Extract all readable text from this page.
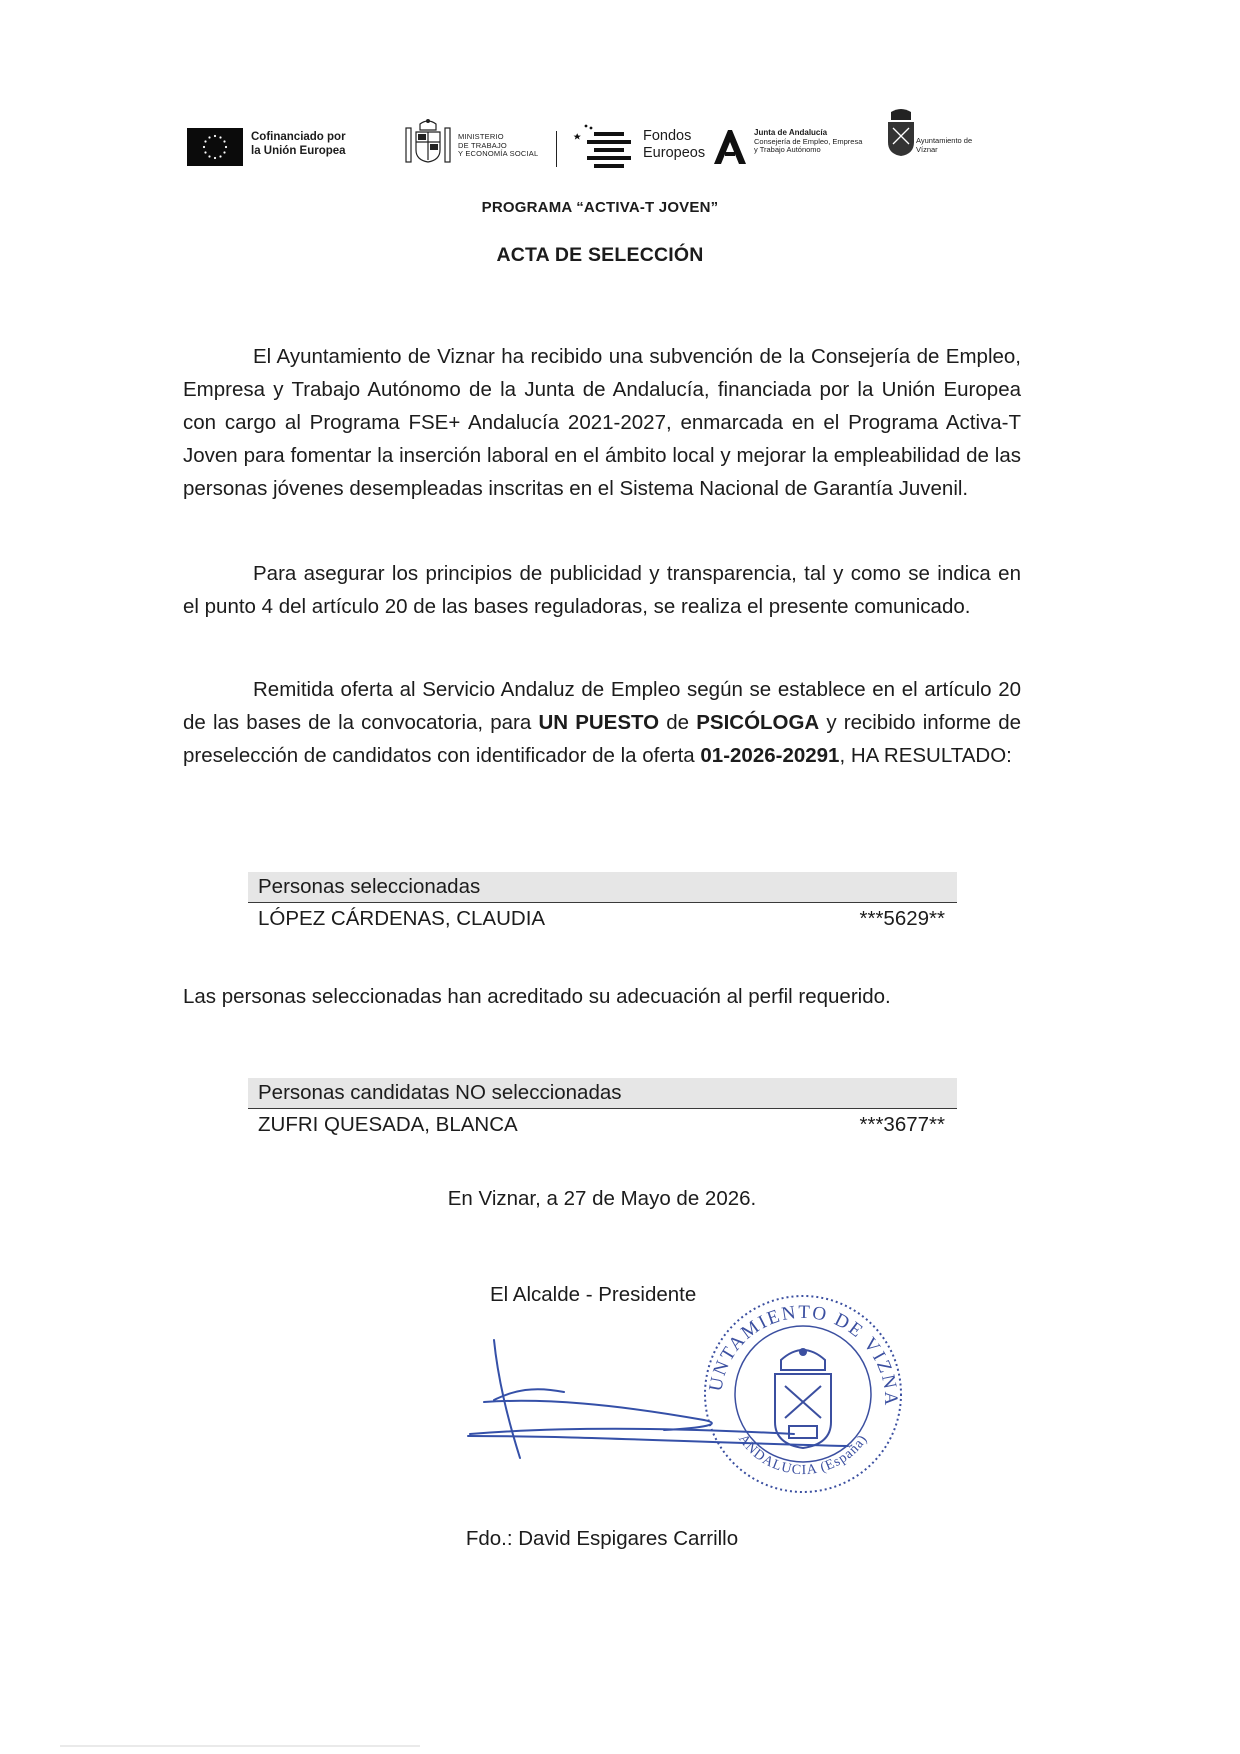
Cofinanciado por
la Unión Europea
MINISTERIO
DE TRABAJO
Y ECONOMÍA SOCIAL
Fondos
Europeos
Junta de Andalucía
Consejería de Empleo, Empresa
y Trabajo Autónomo
Ayuntamiento de
Víznar
PROGRAMA “ACTIVA-T JOVEN”
ACTA DE SELECCIÓN
El Ayuntamiento de Viznar ha recibido una subvención de la Consejería de Empleo, Empresa y Trabajo Autónomo de la Junta de Andalucía, financiada por la Unión Europea con cargo al Programa FSE+ Andalucía 2021-2027, enmarcada en el Programa Activa-T Joven para fomentar la inserción laboral en el ámbito local y mejorar la empleabilidad de las personas jóvenes desempleadas inscritas en el Sistema Nacional de Garantía Juvenil.
Para asegurar los principios de publicidad y transparencia, tal y como se indica en el punto 4 del artículo 20 de las bases reguladoras, se realiza el presente comunicado.
Remitida oferta al Servicio Andaluz de Empleo según se establece en el artículo 20 de las bases de la convocatoria, para UN PUESTO de PSICÓLOGA y recibido informe de preselección de candidatos con identificador de la oferta 01-2026-20291, HA RESULTADO:
Personas seleccionadas
LÓPEZ CÁRDENAS, CLAUDIA	***5629**
Las personas seleccionadas han acreditado su adecuación al perfil requerido.
Personas candidatas NO seleccionadas
ZUFRI QUESADA, BLANCA	***3677**
En Viznar, a 27 de Mayo de 2026.
El Alcalde - Presidente
UNTAMIENTO DE VIZNA
ANDALUCIA (España)
Fdo.: David Espigares Carrillo
